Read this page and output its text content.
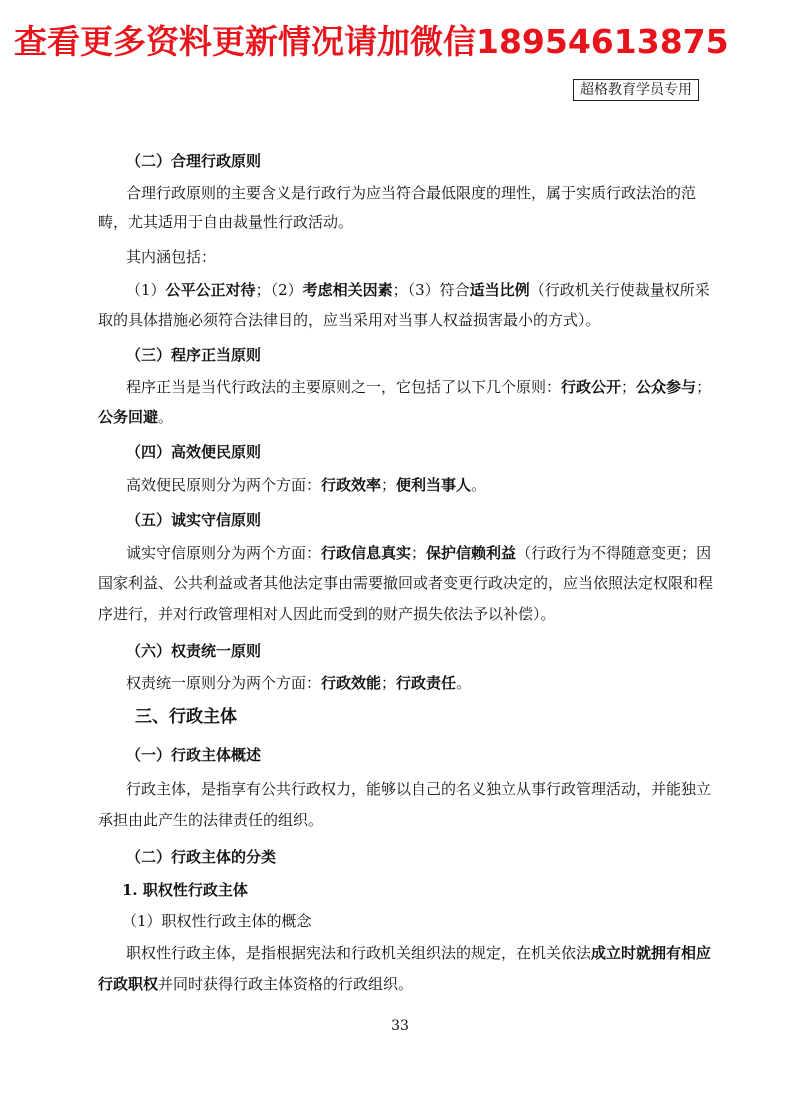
查看更多资料更新情况请加微信18954613875
超格教育学员专用
（二）合理行政原则
合理行政原则的主要含义是行政行为应当符合最低限度的理性，属于实质行政法治的范
畴，尤其适用于自由裁量性行政活动。
其内涵包括：
（1）公平公正对待；（2）考虑相关因素；（3）符合适当比例（行政机关行使裁量权所采
取的具体措施必须符合法律目的，应当采用对当事人权益损害最小的方式）。
（三）程序正当原则
程序正当是当代行政法的主要原则之一，它包括了以下几个原则：行政公开；公众参与；
公务回避。
（四）高效便民原则
高效便民原则分为两个方面：行政效率；便利当事人。
（五）诚实守信原则
诚实守信原则分为两个方面：行政信息真实；保护信赖利益（行政行为不得随意变更；因
国家利益、公共利益或者其他法定事由需要撤回或者变更行政决定的，应当依照法定权限和程
序进行，并对行政管理相对人因此而受到的财产损失依法予以补偿）。
（六）权责统一原则
权责统一原则分为两个方面：行政效能；行政责任。
三、行政主体
（一）行政主体概述
行政主体，是指享有公共行政权力，能够以自己的名义独立从事行政管理活动，并能独立
承担由此产生的法律责任的组织。
（二）行政主体的分类
1. 职权性行政主体
（1）职权性行政主体的概念
职权性行政主体，是指根据宪法和行政机关组织法的规定，在机关依法成立时就拥有相应
行政职权并同时获得行政主体资格的行政组织。
33
